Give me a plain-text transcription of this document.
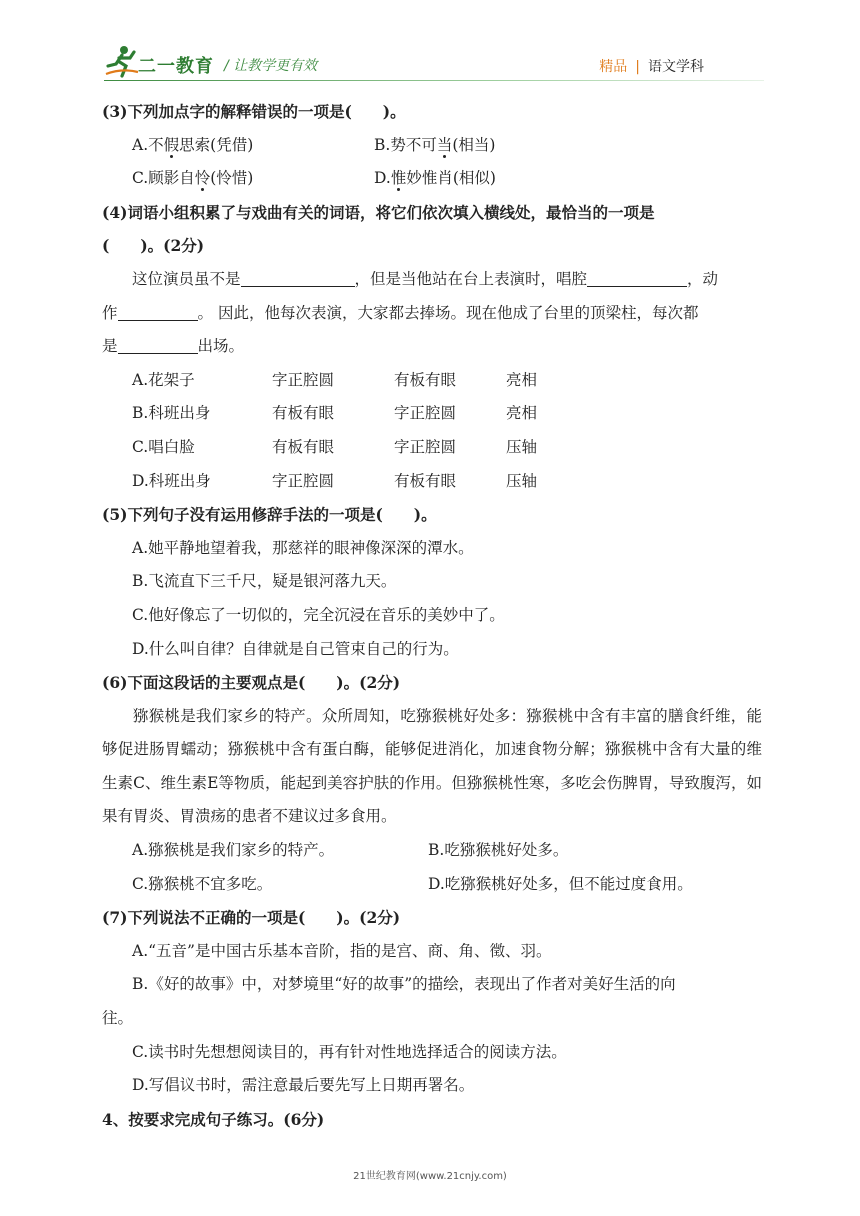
二一教育 / 让教学更有效	精品 | 语文学科
(3)下列加点字的解释错误的一项是(　　)。
A.不假思索(凭借)	B.势不可当(相当)
C.顾影自怜(怜惜)	D.惟妙惟肖(相似)
(4)词语小组积累了与戏曲有关的词语，将它们依次填入横线处，最恰当的一项是
(　　)。(2分)
这位演员虽不是	，但是当他站在台上表演时，唱腔	，动
作	。 因此，他每次表演，大家都去捧场。现在他成了台里的顶梁柱，每次都
是	出场。
A.花架子	字正腔圆	有板有眼	亮相
B.科班出身	有板有眼	字正腔圆	亮相
C.唱白脸	有板有眼	字正腔圆	压轴
D.科班出身	字正腔圆	有板有眼	压轴
(5)下列句子没有运用修辞手法的一项是(　　)。
A.她平静地望着我，那慈祥的眼神像深深的潭水。
B.飞流直下三千尺，疑是银河落九天。
C.他好像忘了一切似的，完全沉浸在音乐的美妙中了。
D.什么叫自律？自律就是自己管束自己的行为。
(6)下面这段话的主要观点是(　　)。(2分)
猕猴桃是我们家乡的特产。众所周知，吃猕猴桃好处多：猕猴桃中含有丰富的膳食纤维，能够促进肠胃蠕动；猕猴桃中含有蛋白酶，能够促进消化，加速食物分解；猕猴桃中含有大量的维生素C、维生素E等物质，能起到美容护肤的作用。但猕猴桃性寒，多吃会伤脾胃，导致腹泻，如果有胃炎、胃溃疡的患者不建议过多食用。
A.猕猴桃是我们家乡的特产。	B.吃猕猴桃好处多。
C.猕猴桃不宜多吃。	D.吃猕猴桃好处多，但不能过度食用。
(7)下列说法不正确的一项是(　　)。(2分)
A.“五音”是中国古乐基本音阶，指的是宫、商、角、徵、羽。
B.《好的故事》中，对梦境里“好的故事”的描绘，表现出了作者对美好生活的向
往。
C.读书时先想想阅读目的，再有针对性地选择适合的阅读方法。
D.写倡议书时，需注意最后要先写上日期再署名。
4、按要求完成句子练习。(6分)
21世纪教育网(www.21cnjy.com)
